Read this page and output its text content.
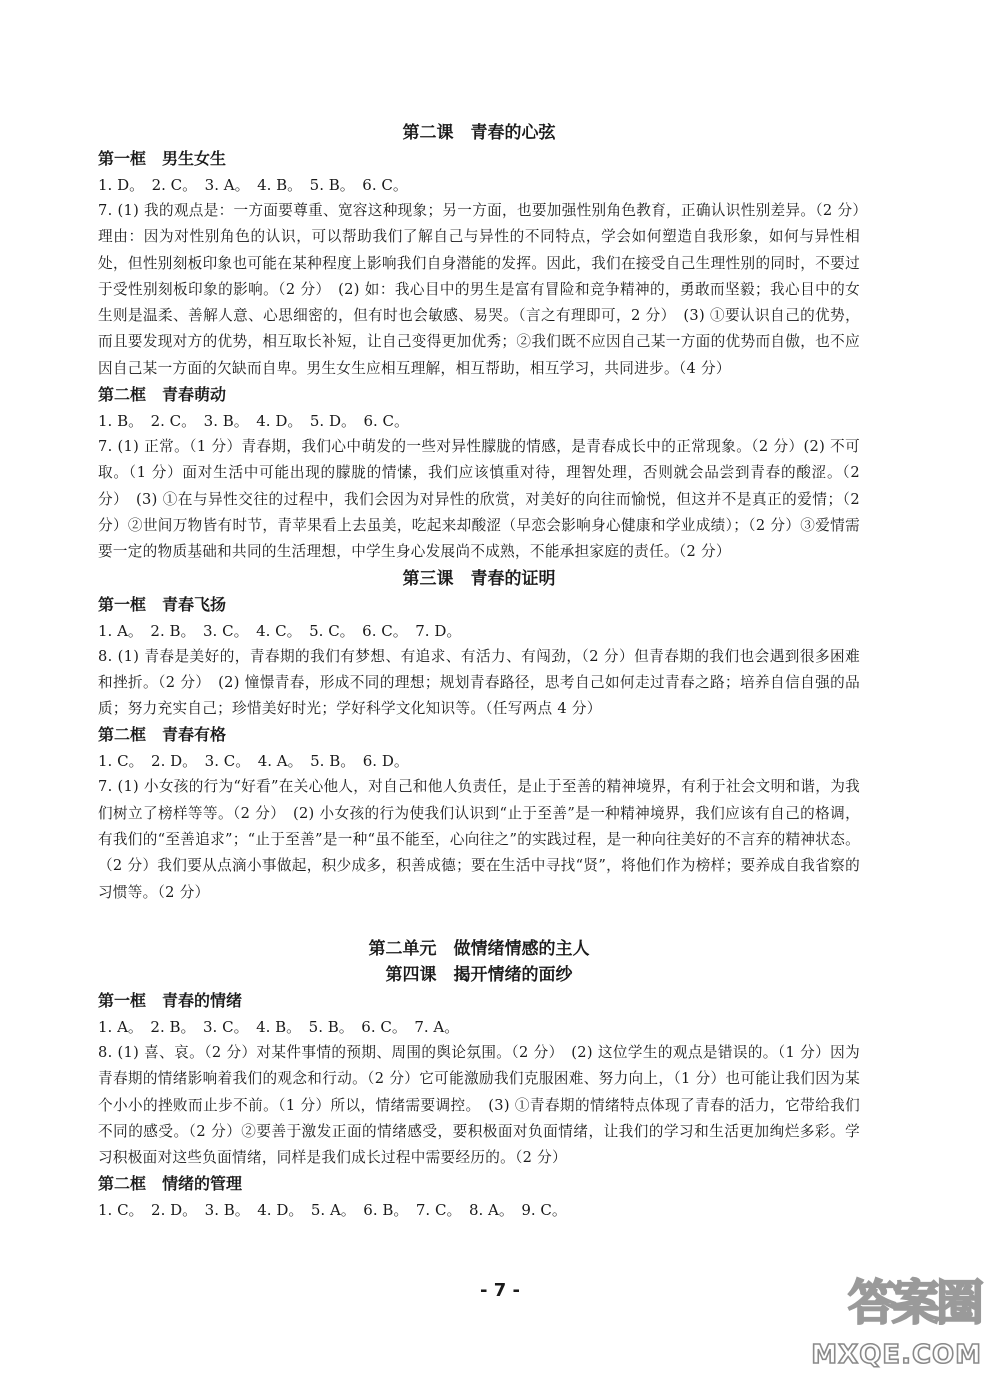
第二课　青春的心弦

第一框　男生女生

1. D。　2. C。　3. A。　4. B。　5. B。　6. C。

7. (1) 我的观点是：一方面要尊重、宽容这种现象；另一方面，也要加强性别角色教育，正确认识性别差异。（2 分）理由：因为对性别角色的认识，可以帮助我们了解自己与异性的不同特点，学会如何塑造自我形象，如何与异性相处，但性别刻板印象也可能在某种程度上影响我们自身潜能的发挥。因此，我们在接受自己生理性别的同时，不要过于受性别刻板印象的影响。（2 分）　(2) 如：我心目中的男生是富有冒险和竞争精神的，勇敢而坚毅；我心目中的女生则是温柔、善解人意、心思细密的，但有时也会敏感、易哭。（言之有理即可，2 分）　(3) ①要认识自己的优势，而且要发现对方的优势，相互取长补短，让自己变得更加优秀；②我们既不应因自己某一方面的优势而自傲，也不应因自己某一方面的欠缺而自卑。男生女生应相互理解，相互帮助，相互学习，共同进步。（4 分）

第二框　青春萌动

1. B。　2. C。　3. B。　4. D。　5. D。　6. C。

7. (1) 正常。（1 分）青春期，我们心中萌发的一些对异性朦胧的情感，是青春成长中的正常现象。（2 分）(2) 不可取。（1 分）面对生活中可能出现的朦胧的情愫，我们应该慎重对待，理智处理，否则就会品尝到青春的酸涩。（2 分）　(3) ①在与异性交往的过程中，我们会因为对异性的欣赏，对美好的向往而愉悦，但这并不是真正的爱情；（2 分）②世间万物皆有时节，青苹果看上去虽美，吃起来却酸涩（早恋会影响身心健康和学业成绩）；（2 分）③爱情需要一定的物质基础和共同的生活理想，中学生身心发展尚不成熟，不能承担家庭的责任。（2 分）

第三课　青春的证明

第一框　青春飞扬

1. A。　2. B。　3. C。　4. C。　5. C。　6. C。　7. D。

8. (1) 青春是美好的，青春期的我们有梦想、有追求、有活力、有闯劲，（2 分）但青春期的我们也会遇到很多困难和挫折。（2 分）　(2) 憧憬青春，形成不同的理想；规划青春路径，思考自己如何走过青春之路；培养自信自强的品质；努力充实自己；珍惜美好时光；学好科学文化知识等。（任写两点 4 分）

第二框　青春有格

1. C。　2. D。　3. C。　4. A。　5. B。　6. D。

7. (1) 小女孩的行为“好看”在关心他人，对自己和他人负责任，是止于至善的精神境界，有利于社会文明和谐，为我们树立了榜样等等。（2 分）　(2) 小女孩的行为使我们认识到“止于至善”是一种精神境界，我们应该有自己的格调，有我们的“至善追求”；“止于至善”是一种“虽不能至，心向往之”的实践过程，是一种向往美好的不言弃的精神状态。（2 分）我们要从点滴小事做起，积少成多，积善成德；要在生活中寻找“贤”，将他们作为榜样；要养成自我省察的习惯等。（2 分）

第二单元　做情绪情感的主人

第四课　揭开情绪的面纱

第一框　青春的情绪

1. A。　2. B。　3. C。　4. B。　5. B。　6. C。　7. A。

8. (1) 喜、哀。（2 分）对某件事情的预期、周围的舆论氛围。（2 分）　(2) 这位学生的观点是错误的。（1 分）因为青春期的情绪影响着我们的观念和行动。（2 分）它可能激励我们克服困难、努力向上，（1 分）也可能让我们因为某个小小的挫败而止步不前。（1 分）所以，情绪需要调控。　(3) ①青春期的情绪特点体现了青春的活力，它带给我们不同的感受。（2 分）②要善于激发正面的情绪感受，要积极面对负面情绪，让我们的学习和生活更加绚烂多彩。学习积极面对这些负面情绪，同样是我们成长过程中需要经历的。（2 分）

第二框　情绪的管理

1. C。　2. D。　3. B。　4. D。　5. A。　6. B。　7. C。　8. A。　9. C。

- 7 -	答案圈
MXQE.COM
